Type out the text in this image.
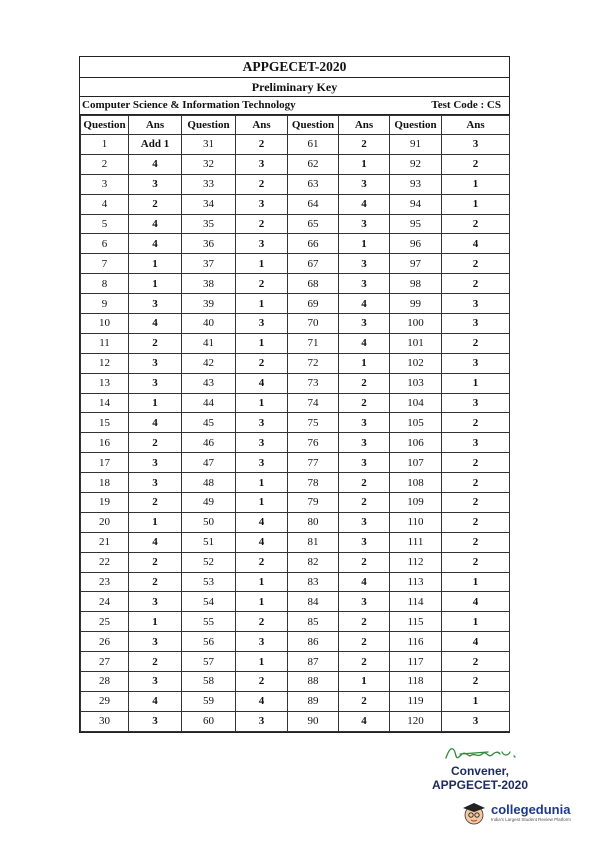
APPGECET-2020
Preliminary Key
Computer Science & Information Technology	Test Code : CS
Question	Ans	Question	Ans	Question	Ans	Question	Ans
1	Add 1	31	2	61	2	91	3
2	4	32	3	62	1	92	2
3	3	33	2	63	3	93	1
4	2	34	3	64	4	94	1
5	4	35	2	65	3	95	2
6	4	36	3	66	1	96	4
7	1	37	1	67	3	97	2
8	1	38	2	68	3	98	2
9	3	39	1	69	4	99	3
10	4	40	3	70	3	100	3
11	2	41	1	71	4	101	2
12	3	42	2	72	1	102	3
13	3	43	4	73	2	103	1
14	1	44	1	74	2	104	3
15	4	45	3	75	3	105	2
16	2	46	3	76	3	106	3
17	3	47	3	77	3	107	2
18	3	48	1	78	2	108	2
19	2	49	1	79	2	109	2
20	1	50	4	80	3	110	2
21	4	51	4	81	3	111	2
22	2	52	2	82	2	112	2
23	2	53	1	83	4	113	1
24	3	54	1	84	3	114	4
25	1	55	2	85	2	115	1
26	3	56	3	86	2	116	4
27	2	57	1	87	2	117	2
28	3	58	2	88	1	118	2
29	4	59	4	89	2	119	1
30	3	60	3	90	4	120	3
Convener,
APPGECET-2020
collegedunia
India's Largest Student Review Platform
